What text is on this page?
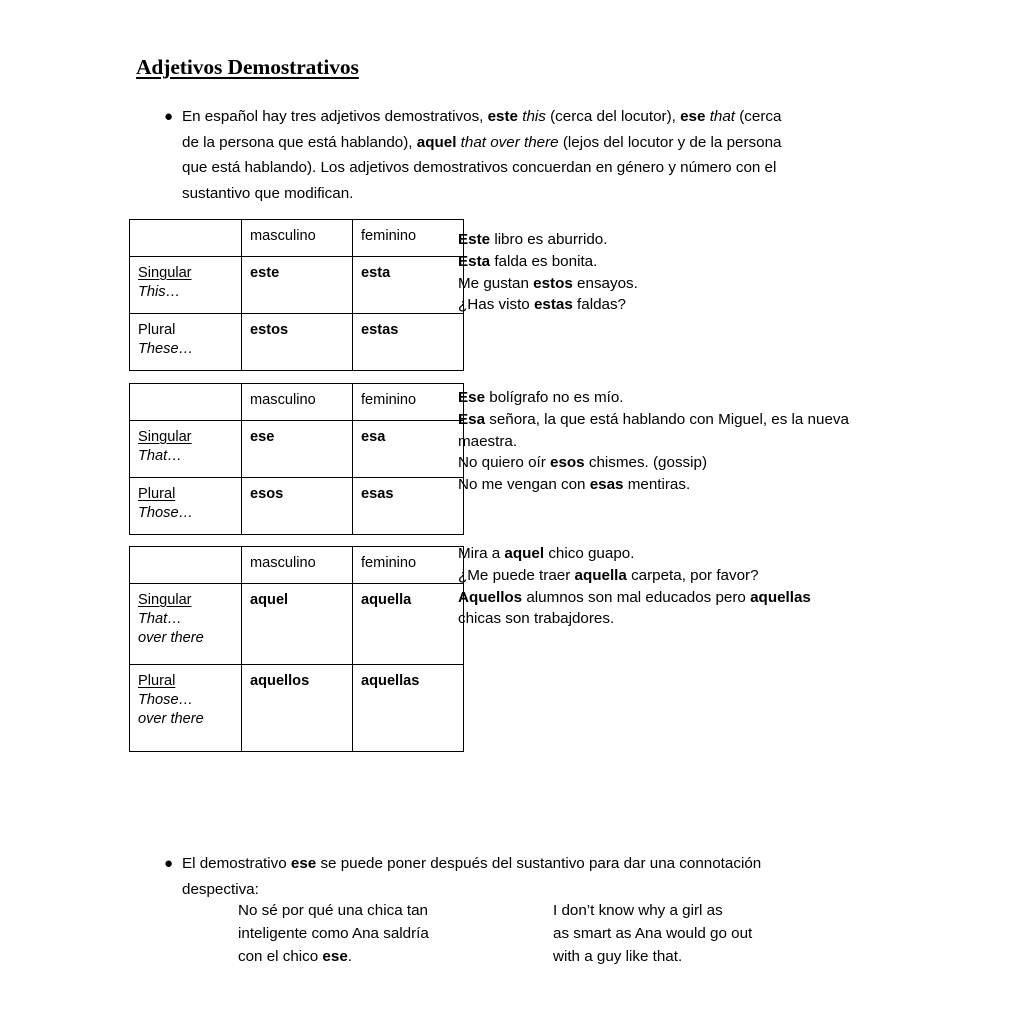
Adjetivos Demostrativos
● En español hay tres adjetivos demostrativos, este this (cerca del locutor), ese that (cerca de la persona que está hablando), aquel that over there (lejos del locutor y de la persona que está hablando). Los adjetivos demostrativos concuerdan en género y número con el sustantivo que modifican.
	masculino	feminino

Singular
This…	este	esta

Plural
These…	estos	estas
	masculino	feminino

Singular
That…	ese	esa

Plural
Those…	esos	esas
	masculino	feminino

Singular
That…
over there	aquel	aquella

Plural
Those…
over there	aquellos	aquellas
Este libro es aburrido.
Esta falda es bonita.
Me gustan estos ensayos.
¿Has visto estas faldas?
Ese bolígrafo no es mío.
Esa señora, la que está hablando con Miguel, es la nueva maestra.
No quiero oír esos chismes. (gossip)
No me vengan con esas mentiras.
Mira a aquel chico guapo.
¿Me puede traer aquella carpeta, por favor?
Aquellos alumnos son mal educados pero aquellas chicas son trabajdores.
● El demostrativo ese se puede poner después del sustantivo para dar una connotación despectiva:
No sé por qué una chica tan
inteligente como Ana saldría
con el chico ese.
I don’t know why a girl as
as smart as Ana would go out
with a guy like that.
